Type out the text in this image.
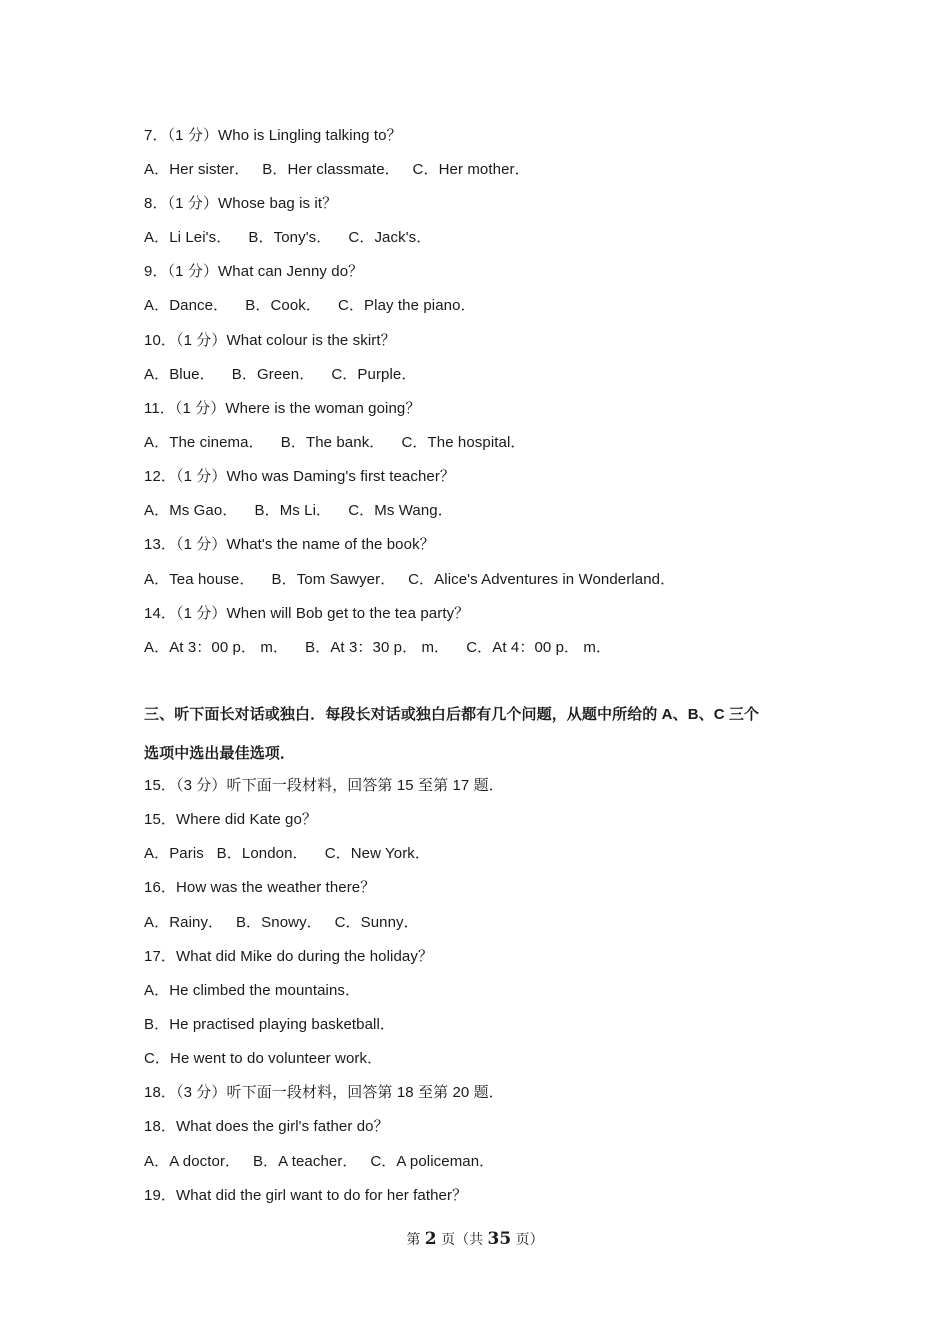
7．（1 分）Who is Lingling talking to？
A．Her sister．   B．Her classmate．   C．Her mother．
8．（1 分）Whose bag is it？
A．Li Lei's．    B．Tony's．    C．Jack's．
9．（1 分）What can Jenny do？
A．Dance．    B．Cook．    C．Play the piano．
10．（1 分）What colour is the skirt？
A．Blue．    B．Green．    C．Purple．
11．（1 分）Where is the woman going？
A．The cinema．    B．The bank．    C．The hospital．
12．（1 分）Who was Daming's first teacher？
A．Ms Gao．    B．Ms Li．    C．Ms Wang．
13．（1 分）What's the name of the book？
A．Tea house．    B．Tom Sawyer．   C．Alice's Adventures in Wonderland．
14．（1 分）When will Bob get to the tea party？
A．At 3：00 p． m．    B．At 3：30 p． m．    C．At 4：00 p． m．
三、听下面长对话或独白．每段长对话或独白后都有几个问题，从题中所给的 A、B、C 三个
选项中选出最佳选项．
15．（3 分）听下面一段材料，回答第 15 至第 17 题．
15．Where did Kate go？
A．Paris   B．London．    C．New York．
16．How was the weather there？
A．Rainy．   B．Snowy．   C．Sunny．
17．What did Mike do during the holiday？
A．He climbed the mountains．
B．He practised playing basketball．
C．He went to do volunteer work．
18．（3 分）听下面一段材料，回答第 18 至第 20 题．
18．What does the girl's father do？
A．A doctor．   B．A teacher．   C．A policeman．
19．What did the girl want to do for her father？
第 2 页（共 35 页）
